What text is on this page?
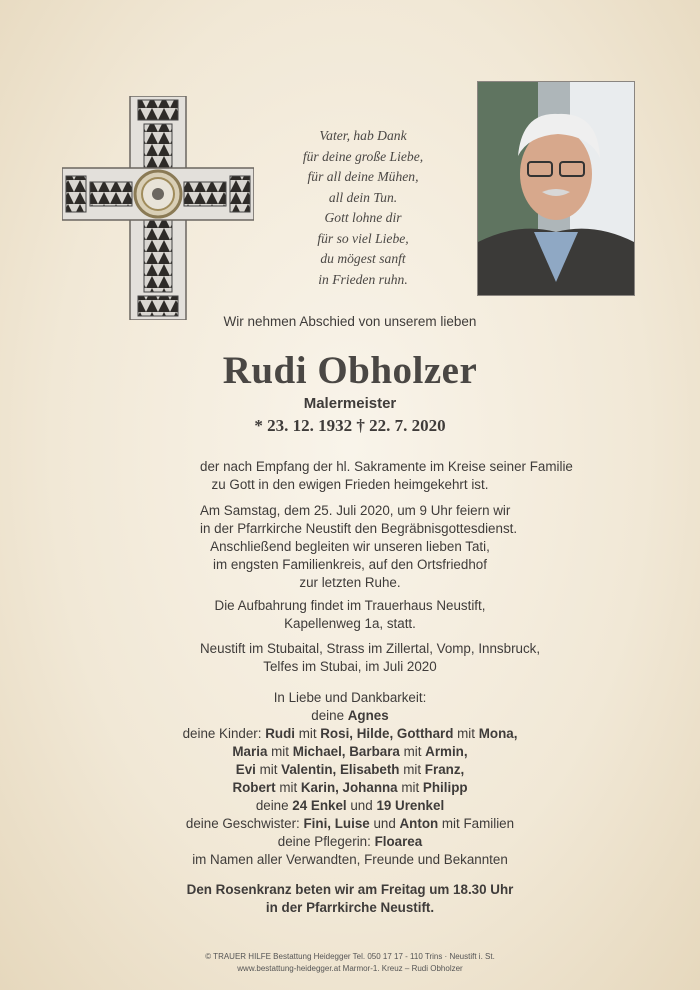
Vater, hab Dank
für deine große Liebe,
für all deine Mühen,
all dein Tun.
Gott lohne dir
für so viel Liebe,
du mögest sanft
in Frieden ruhn.
Wir nehmen Abschied von unserem lieben
Rudi Obholzer
Malermeister
* 23. 12. 1932 † 22. 7. 2020
der nach Empfang der hl. Sakramente im Kreise seiner Familie
zu Gott in den ewigen Frieden heimgekehrt ist.
Am Samstag, dem 25. Juli 2020, um 9 Uhr feiern wir
in der Pfarrkirche Neustift den Begräbnisgottesdienst.
Anschließend begleiten wir unseren lieben Tati,
im engsten Familienkreis, auf den Ortsfriedhof
zur letzten Ruhe.
Die Aufbahrung findet im Trauerhaus Neustift,
Kapellenweg 1a, statt.
Neustift im Stubaital, Strass im Zillertal, Vomp, Innsbruck,
Telfes im Stubai, im Juli 2020
In Liebe und Dankbarkeit:
deine Agnes
deine Kinder: Rudi mit Rosi, Hilde, Gotthard mit Mona,
Maria mit Michael, Barbara mit Armin,
Evi mit Valentin, Elisabeth mit Franz,
Robert mit Karin, Johanna mit Philipp
deine 24 Enkel und 19 Urenkel
deine Geschwister: Fini, Luise und Anton mit Familien
deine Pflegerin: Floarea
im Namen aller Verwandten, Freunde und Bekannten
Den Rosenkranz beten wir am Freitag um 18.30 Uhr
in der Pfarrkirche Neustift.
© TRAUER HILFE Bestattung Heidegger Tel. 050 17 17 - 110 Trins · Neustift i. St.
www.bestattung-heidegger.at Marmor-1. Kreuz – Rudi Obholzer
